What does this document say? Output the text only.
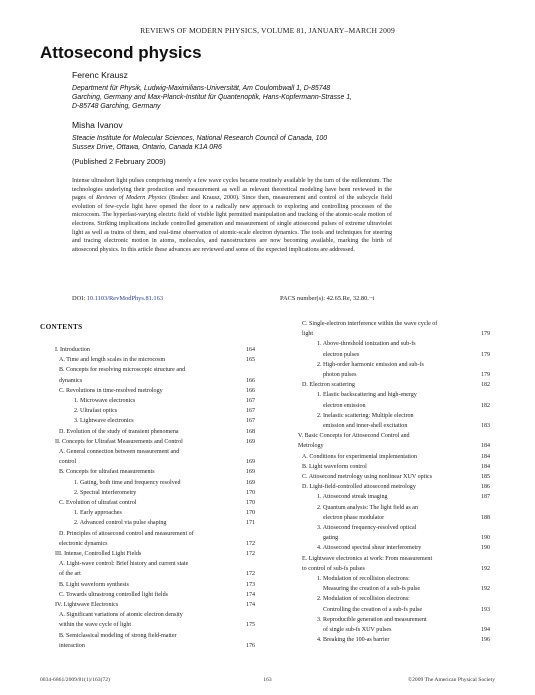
REVIEWS OF MODERN PHYSICS, VOLUME 81, JANUARY–MARCH 2009
Attosecond physics
Ferenc Krausz
Department für Physik, Ludwig-Maximilians-Universität, Am Coulombwall 1, D-85748
Garching, Germany and Max-Planck-Institut für Quantenoptik, Hans-Kopfermann-Strasse 1,
D-85748 Garching, Germany
Misha Ivanov
Steacie Institute for Molecular Sciences, National Research Council of Canada, 100
Sussex Drive, Ottawa, Ontario, Canada K1A 0R6
(Published 2 February 2009)
Intense ultrashort light pulses comprising merely a few wave cycles became routinely available by the turn of the millennium. The technologies underlying their production and measurement as well as relevant theoretical modeling have been reviewed in the pages of Reviews of Modern Physics (Brabec and Krausz, 2000). Since then, measurement and control of the subcycle field evolution of few-cycle light have opened the door to a radically new approach to exploring and controlling processes of the microcosm. The hyperfast-varying electric field of visible light permitted manipulation and tracking of the atomic-scale motion of electrons. Striking implications include controlled generation and measurement of single attosecond pulses of extreme ultraviolet light as well as trains of them, and real-time observation of atomic-scale electron dynamics. The tools and techniques for steering and tracing electronic motion in atoms, molecules, and nanostructures are now becoming available, marking the birth of attosecond physics. In this article these advances are reviewed and some of the expected implications are addressed.
DOI: 10.1103/RevModPhys.81.163	PACS number(s): 42.65.Re, 32.80.−t
CONTENTS
I. Introduction	164
A. Time and length scales in the microcosm	165
B. Concepts for resolving microscopic structure and
dynamics	166
C. Revolutions in time-resolved metrology	166
1. Microwave electronics	167
2. Ultrafast optics	167
3. Lightwave electronics	167
D. Evolution of the study of transient phenomena	168
II. Concepts for Ultrafast Measurements and Control	169
A. General connection between measurement and
control	169
B. Concepts for ultrafast measurements	169
1. Gating, both time and frequency resolved	169
2. Spectral interferometry	170
C. Evolution of ultrafast control	170
1. Early approaches	170
2. Advanced control via pulse shaping	171
D. Principles of attosecond control and measurement of
electronic dynamics	172
III. Intense, Controlled Light Fields	172
A. Light-wave control: Brief history and current state
of the art	172
B. Light waveform synthesis	173
C. Towards ultrastrong controlled light fields	174
IV. Lightwave Electronics	174
A. Significant variations of atomic electron density
within the wave cycle of light	175
B. Semiclassical modeling of strong field-matter
interaction	176
C. Single-electron interference within the wave cycle of
light	179
1. Above-threshold ionization and sub-fs
electron pulses	179
2. High-order harmonic emission and sub-fs
photon pulses	179
D. Electron scattering	182
1. Elastic backscattering and high-energy
electron emission	182
2. Inelastic scattering: Multiple electron
emission and inner-shell excitation	183
V. Basic Concepts for Attosecond Control and
Metrology	184
A. Conditions for experimental implementation	184
B. Light waveform control	184
C. Attosecond metrology using nonlinear XUV optics	185
D. Light-field-controlled attosecond metrology	186
1. Attosecond streak imaging	187
2. Quantum analysis: The light field as an
electron phase modulator	188
3. Attosecond frequency-resolved optical
gating	190
4. Attosecond spectral shear interferometry	190
E. Lightwave electronics at work: From measurement
to control of sub-fs pulses	192
1. Modulation of recollision electrons:
Measuring the creation of a sub-fs pulse	192
2. Modulation of recollision electrons:
Controlling the creation of a sub-fs pulse	193
3. Reproducible generation and measurement
of single sub-fs XUV pulses	194
4. Breaking the 100-as barrier	196
0034-6861/2009/81(1)/163(72)	163	©2009 The American Physical Society
